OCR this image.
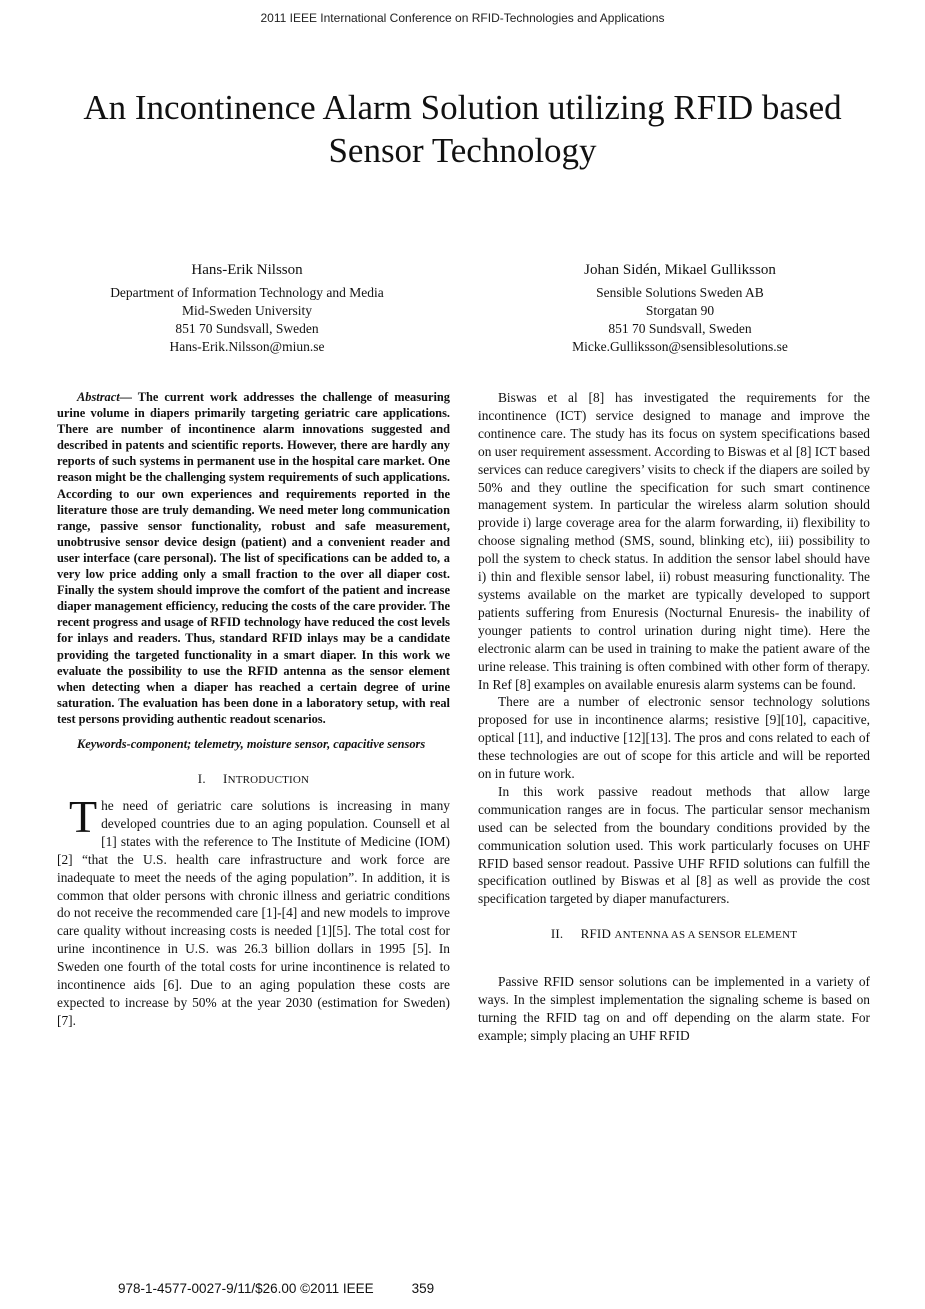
2011 IEEE International Conference on RFID-Technologies and Applications
An Incontinence Alarm Solution utilizing RFID based
Sensor Technology
Hans-Erik Nilsson
Department of Information Technology and Media
Mid-Sweden University
851 70 Sundsvall, Sweden
Hans-Erik.Nilsson@miun.se
Johan Sidén, Mikael Gulliksson
Sensible Solutions Sweden AB
Storgatan 90
851 70 Sundsvall, Sweden
Micke.Gulliksson@sensiblesolutions.se

Abstract— The current work addresses the challenge of measuring urine volume in diapers primarily targeting geriatric care applications. There are number of incontinence alarm innovations suggested and described in patents and scientific reports. However, there are hardly any reports of such systems in permanent use in the hospital care market. One reason might be the challenging system requirements of such applications. According to our own experiences and requirements reported in the literature those are truly demanding. We need meter long communication range, passive sensor functionality, robust and safe measurement, unobtrusive sensor device design (patient) and a convenient reader and user interface (care personal). The list of specifications can be added to, a very low price adding only a small fraction to the over all diaper cost. Finally the system should improve the comfort of the patient and increase diaper management efficiency, reducing the costs of the care provider. The recent progress and usage of RFID technology have reduced the cost levels for inlays and readers. Thus, standard RFID inlays may be a candidate providing the targeted functionality in a smart diaper. In this work we evaluate the possibility to use the RFID antenna as the sensor element when detecting when a diaper has reached a certain degree of urine saturation. The evaluation has been done in a laboratory setup, with real test persons providing authentic readout scenarios.

Keywords-component; telemetry, moisture sensor, capacitive sensors

I. INTRODUCTION

The need of geriatric care solutions is increasing in many developed countries due to an aging population. Counsell et al [1] states with the reference to The Institute of Medicine (IOM) [2] “that the U.S. health care infrastructure and work force are inadequate to meet the needs of the aging population”. In addition, it is common that older persons with chronic illness and geriatric conditions do not receive the recommended care [1]-[4] and new models to improve care quality without increasing costs is needed [1][5]. The total cost for urine incontinence in U.S. was 26.3 billion dollars in 1995 [5]. In Sweden one fourth of the total costs for urine incontinence is related to incontinence aids [6]. Due to an aging population these costs are expected to increase by 50% at the year 2030 (estimation for Sweden) [7].

Biswas et al [8] has investigated the requirements for the incontinence (ICT) service designed to manage and improve the continence care. The study has its focus on system specifications based on user requirement assessment. According to Biswas et al [8] ICT based services can reduce caregivers’ visits to check if the diapers are soiled by 50% and they outline the specification for such smart continence management system. In particular the wireless alarm solution should provide i) large coverage area for the alarm forwarding, ii) flexibility to choose signaling method (SMS, sound, blinking etc), iii) possibility to poll the system to check status. In addition the sensor label should have i) thin and flexible sensor label, ii) robust measuring functionality. The systems available on the market are typically developed to support patients suffering from Enuresis (Nocturnal Enuresis- the inability of younger patients to control urination during night time). Here the electronic alarm can be used in training to make the patient aware of the urine release. This training is often combined with other form of therapy. In Ref [8] examples on available enuresis alarm systems can be found.

There are a number of electronic sensor technology solutions proposed for use in incontinence alarms; resistive [9][10], capacitive, optical [11], and inductive [12][13]. The pros and cons related to each of these technologies are out of scope for this article and will be reported on in future work.

In this work passive readout methods that allow large communication ranges are in focus. The particular sensor mechanism used can be selected from the boundary conditions provided by the communication solution used. This work particularly focuses on UHF RFID based sensor readout. Passive UHF RFID solutions can fulfill the specification outlined by Biswas et al [8] as well as provide the cost specification targeted by diaper manufacturers.

II. RFID ANTENNA AS A SENSOR ELEMENT

Passive RFID sensor solutions can be implemented in a variety of ways. In the simplest implementation the signaling scheme is based on turning the RFID tag on and off depending on the alarm state. For example; simply placing an UHF RFID

978-1-4577-0027-9/11/$26.00 ©2011 IEEE	359
